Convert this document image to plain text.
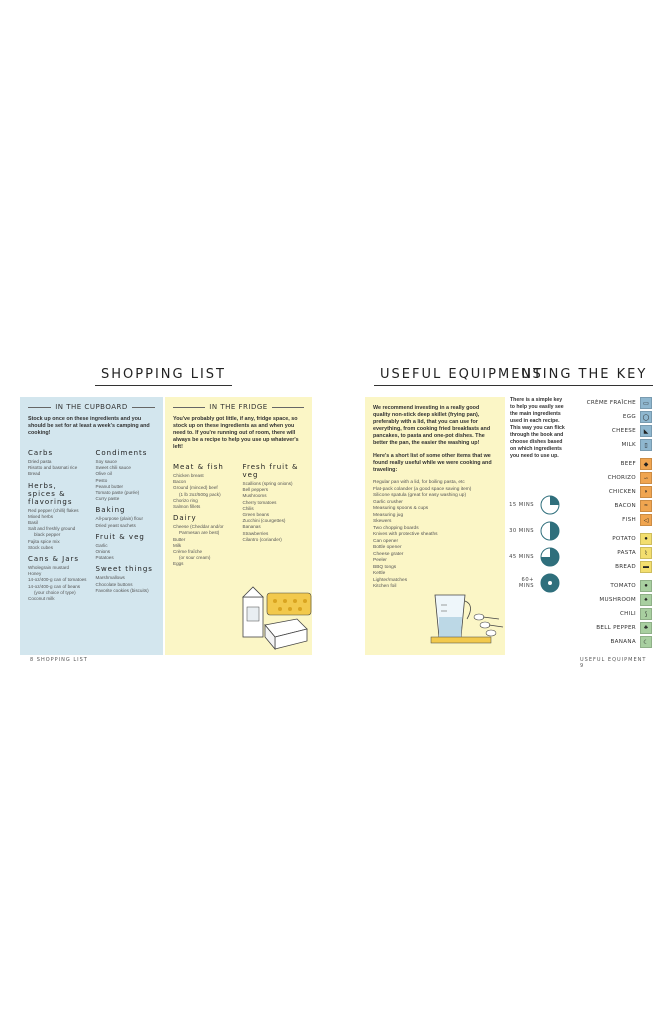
SHOPPING LIST
IN THE CUPBOARD
Stock up once on these ingredients and you should be set for at least a week's camping and cooking!
Carbs
Dried pasta
Risotto and basmati rice
Bread
Herbs, spices & flavorings
Red pepper (chilli) flakes
Mixed herbs
Basil
Salt and freshly ground
black pepper
Fajita spice mix
Stock cubes
Cans & Jars
Wholegrain mustard
Honey
14-oz/400-g can of tomatoes
14-oz/400-g can of beans
(your choice of type)
Coconut milk
Condiments
Soy sauce
Sweet chili sauce
Olive oil
Pesto
Peanut butter
Tomato paste (purée)
Curry paste
Baking
All-purpose (plain) flour
Dried yeast sachets
Fruit & veg
Garlic
Onions
Potatoes
Sweet things
Marshmallows
Chocolate buttons
Favorite cookies (biscuits)
IN THE FRIDGE
You've probably got little, if any, fridge space, so stock up on these ingredients as and when you need to. If you're running out of room, there will always be a recipe to help you use up whatever's left!
Meat & fish
Chicken breast
Bacon
Ground (minced) beef
(1 lb 2oz/500g pack)
Chorizo ring
Salmon fillets
Dairy
Cheese (Cheddar and/or
Parmesan are best)
Butter
Milk
Crème fraîche
(or sour cream)
Eggs
Fresh fruit & veg
Scallions (spring onions)
Bell peppers
Mushrooms
Cherry tomatoes
Chilis
Green beans
Zucchini (courgettes)
Bananas
Strawberries
Cilantro (coriander)
8 SHOPPING LIST
USEFUL EQUIPMENT
USING THE KEY
We recommend investing in a really good quality non-stick deep skillet (frying pan), preferably with a lid, that you can use for everything, from cooking fried breakfasts and pancakes, to pasta and one-pot dishes. The better the pan, the easier the washing up!
Here's a short list of some other items that we found really useful while we were cooking and traveling:
Regular pan with a lid, for boiling pasta, etc
Flat-pack colander (a good space saving item)
Silicone spatula (great for easy washing up)
Garlic crusher
Measuring spoons & cups
Measuring jug
Skewers
Two chopping boards
Knives with protective sheaths
Can opener
Bottle opener
Cheese grater
Peeler
BBQ tongs
Kettle
Lighter/matches
Kitchen foil
There is a simple key to help you easily see the main ingredients used in each recipe. This way you can flick through the book and choose dishes based on which ingredients you need to use up.
15 MINS
30 MINS
45 MINS
60+ MINS
CRÈME FRAÎCHE	▭
EGG	◯
CHEESE	◣
MILK	▯
BEEF	◆
CHORIZO	∽
CHICKEN	◗
BACON	≈
FISH	◁
POTATO	●
PASTA	⌇
BREAD	▬
TOMATO	●
MUSHROOM	♠
CHILI	⟆
BELL PEPPER	♣
BANANA	☾
USEFUL EQUIPMENT 9
